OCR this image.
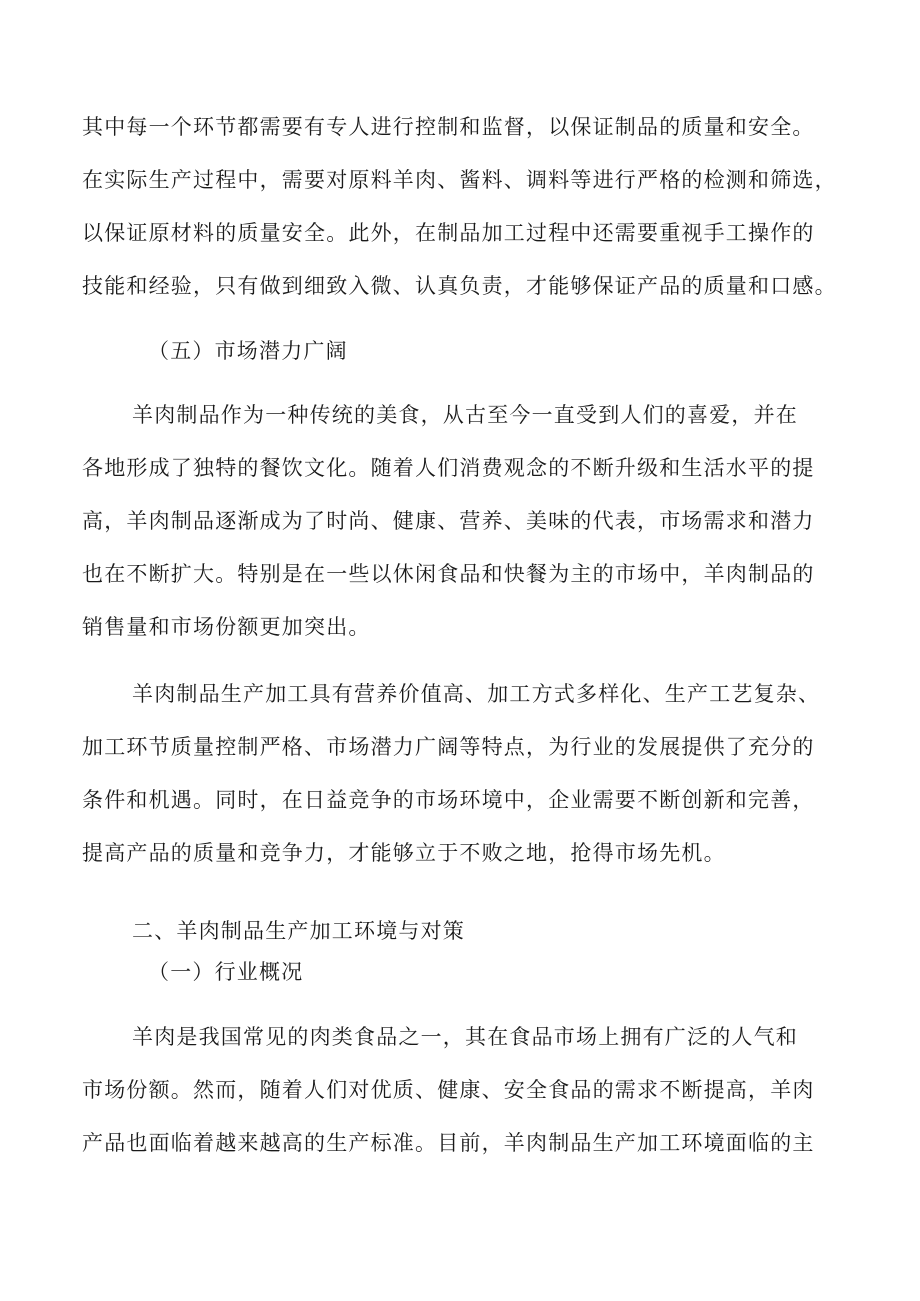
其中每一个环节都需要有专人进行控制和监督，以保证制品的质量和安全。
在实际生产过程中，需要对原料羊肉、酱料、调料等进行严格的检测和筛选，
以保证原材料的质量安全。此外，在制品加工过程中还需要重视手工操作的
技能和经验，只有做到细致入微、认真负责，才能够保证产品的质量和口感。
（五）市场潜力广阔
羊肉制品作为一种传统的美食，从古至今一直受到人们的喜爱，并在
各地形成了独特的餐饮文化。随着人们消费观念的不断升级和生活水平的提
高，羊肉制品逐渐成为了时尚、健康、营养、美味的代表，市场需求和潜力
也在不断扩大。特别是在一些以休闲食品和快餐为主的市场中，羊肉制品的
销售量和市场份额更加突出。
羊肉制品生产加工具有营养价值高、加工方式多样化、生产工艺复杂、
加工环节质量控制严格、市场潜力广阔等特点，为行业的发展提供了充分的
条件和机遇。同时，在日益竞争的市场环境中，企业需要不断创新和完善，
提高产品的质量和竞争力，才能够立于不败之地，抢得市场先机。
二、羊肉制品生产加工环境与对策
（一）行业概况
羊肉是我国常见的肉类食品之一，其在食品市场上拥有广泛的人气和
市场份额。然而，随着人们对优质、健康、安全食品的需求不断提高，羊肉
产品也面临着越来越高的生产标准。目前，羊肉制品生产加工环境面临的主
